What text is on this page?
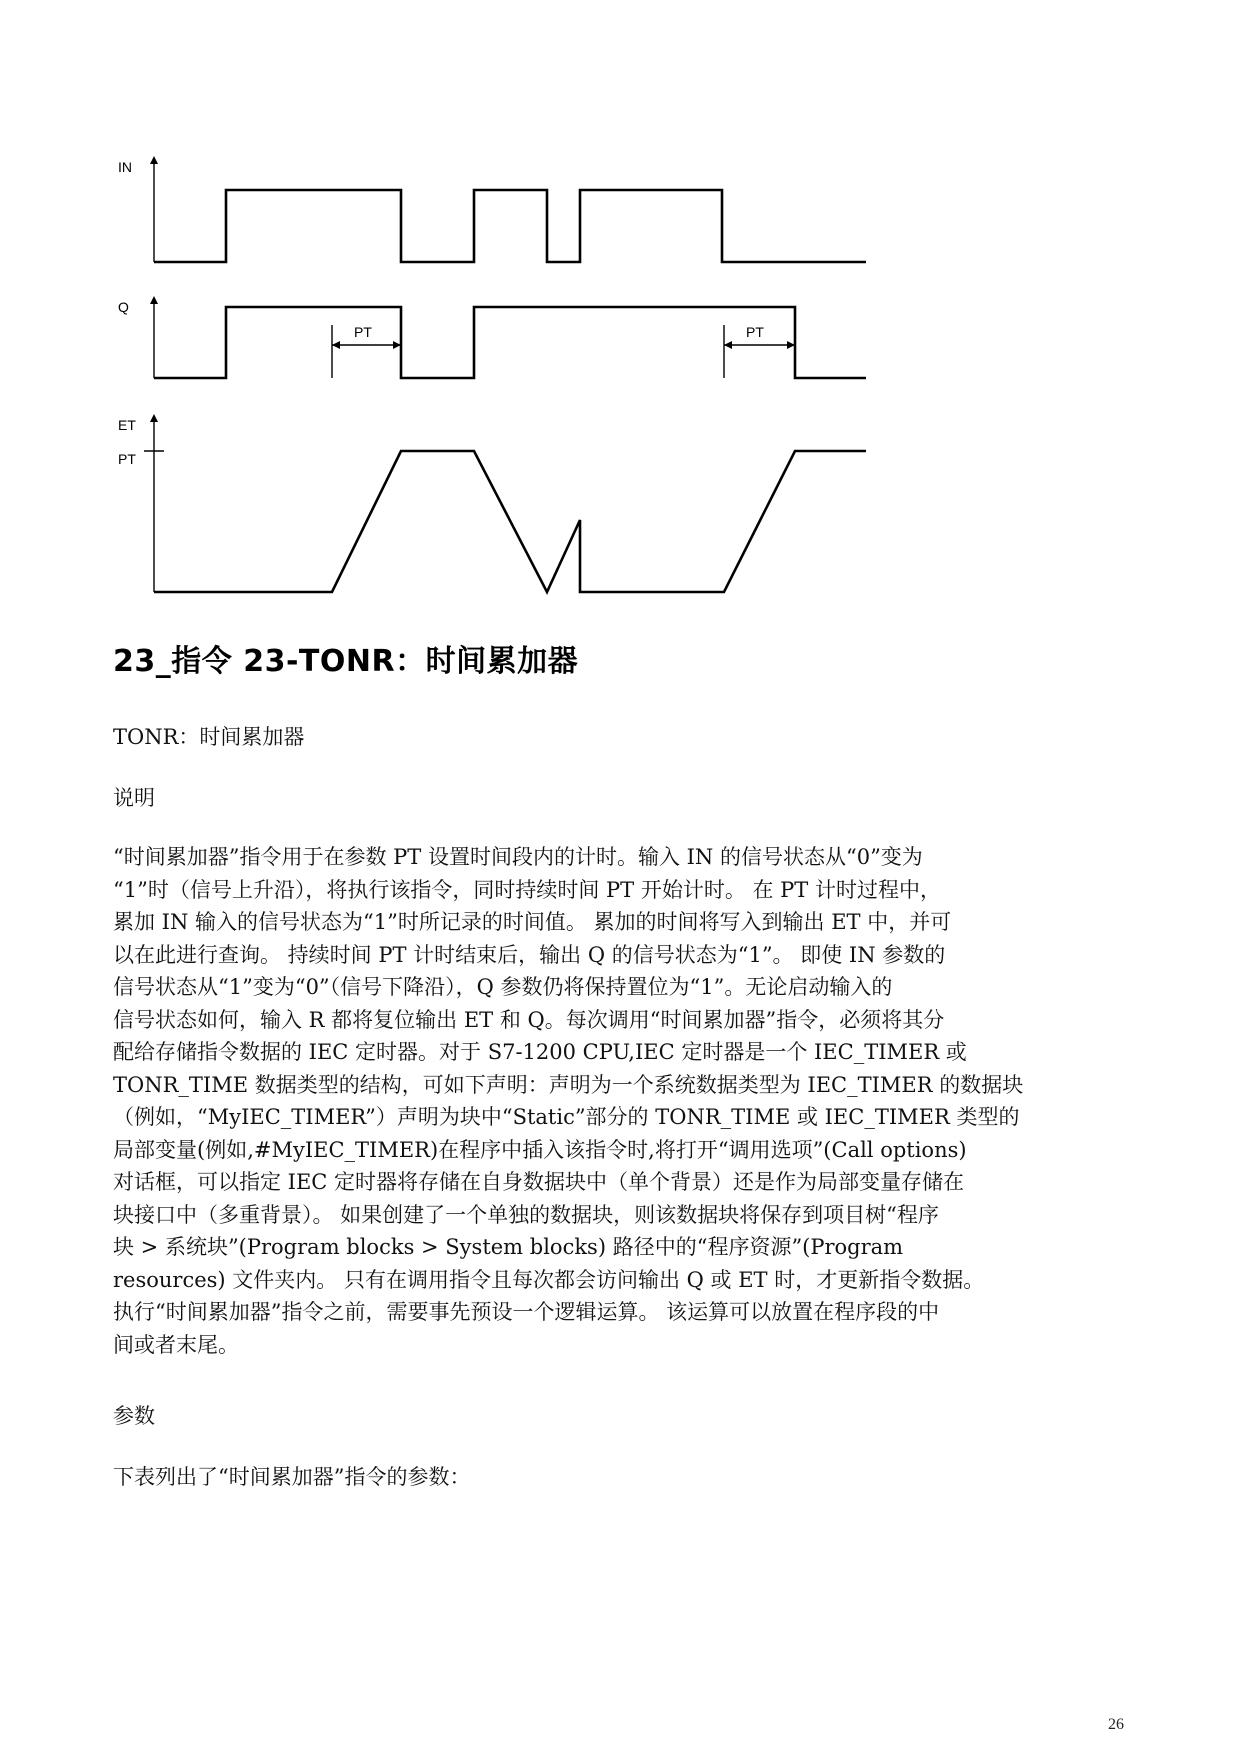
IN
Q
PT	PT
ET
PT
23_指令 23-TONR：时间累加器

TONR：时间累加器

说明

“时间累加器”指令用于在参数 PT 设置时间段内的计时。输入 IN 的信号状态从“0”变为
“1”时（信号上升沿），将执行该指令，同时持续时间 PT 开始计时。 在 PT 计时过程中，
累加 IN 输入的信号状态为“1”时所记录的时间值。 累加的时间将写入到输出 ET 中，并可
以在此进行查询。 持续时间 PT 计时结束后，输出 Q 的信号状态为“1”。 即使 IN 参数的
信号状态从“1”变为“0”（信号下降沿），Q 参数仍将保持置位为“1”。无论启动输入的
信号状态如何，输入 R 都将复位输出 ET 和 Q。每次调用“时间累加器”指令，必须将其分
配给存储指令数据的 IEC 定时器。对于 S7-1200 CPU,IEC 定时器是一个 IEC_TIMER 或
TONR_TIME 数据类型的结构，可如下声明：声明为一个系统数据类型为 IEC_TIMER 的数据块
（例如，“MyIEC_TIMER”）声明为块中“Static”部分的 TONR_TIME 或 IEC_TIMER 类型的
局部变量(例如,#MyIEC_TIMER)在程序中插入该指令时,将打开“调用选项”(Call options)
对话框，可以指定 IEC 定时器将存储在自身数据块中（单个背景）还是作为局部变量存储在
块接口中（多重背景）。 如果创建了一个单独的数据块，则该数据块将保存到项目树“程序
块 > 系统块”(Program blocks > System blocks) 路径中的“程序资源”(Program
resources) 文件夹内。 只有在调用指令且每次都会访问输出 Q 或 ET 时，才更新指令数据。
执行“时间累加器”指令之前，需要事先预设一个逻辑运算。 该运算可以放置在程序段的中
间或者末尾。

参数

下表列出了“时间累加器”指令的参数：

26
